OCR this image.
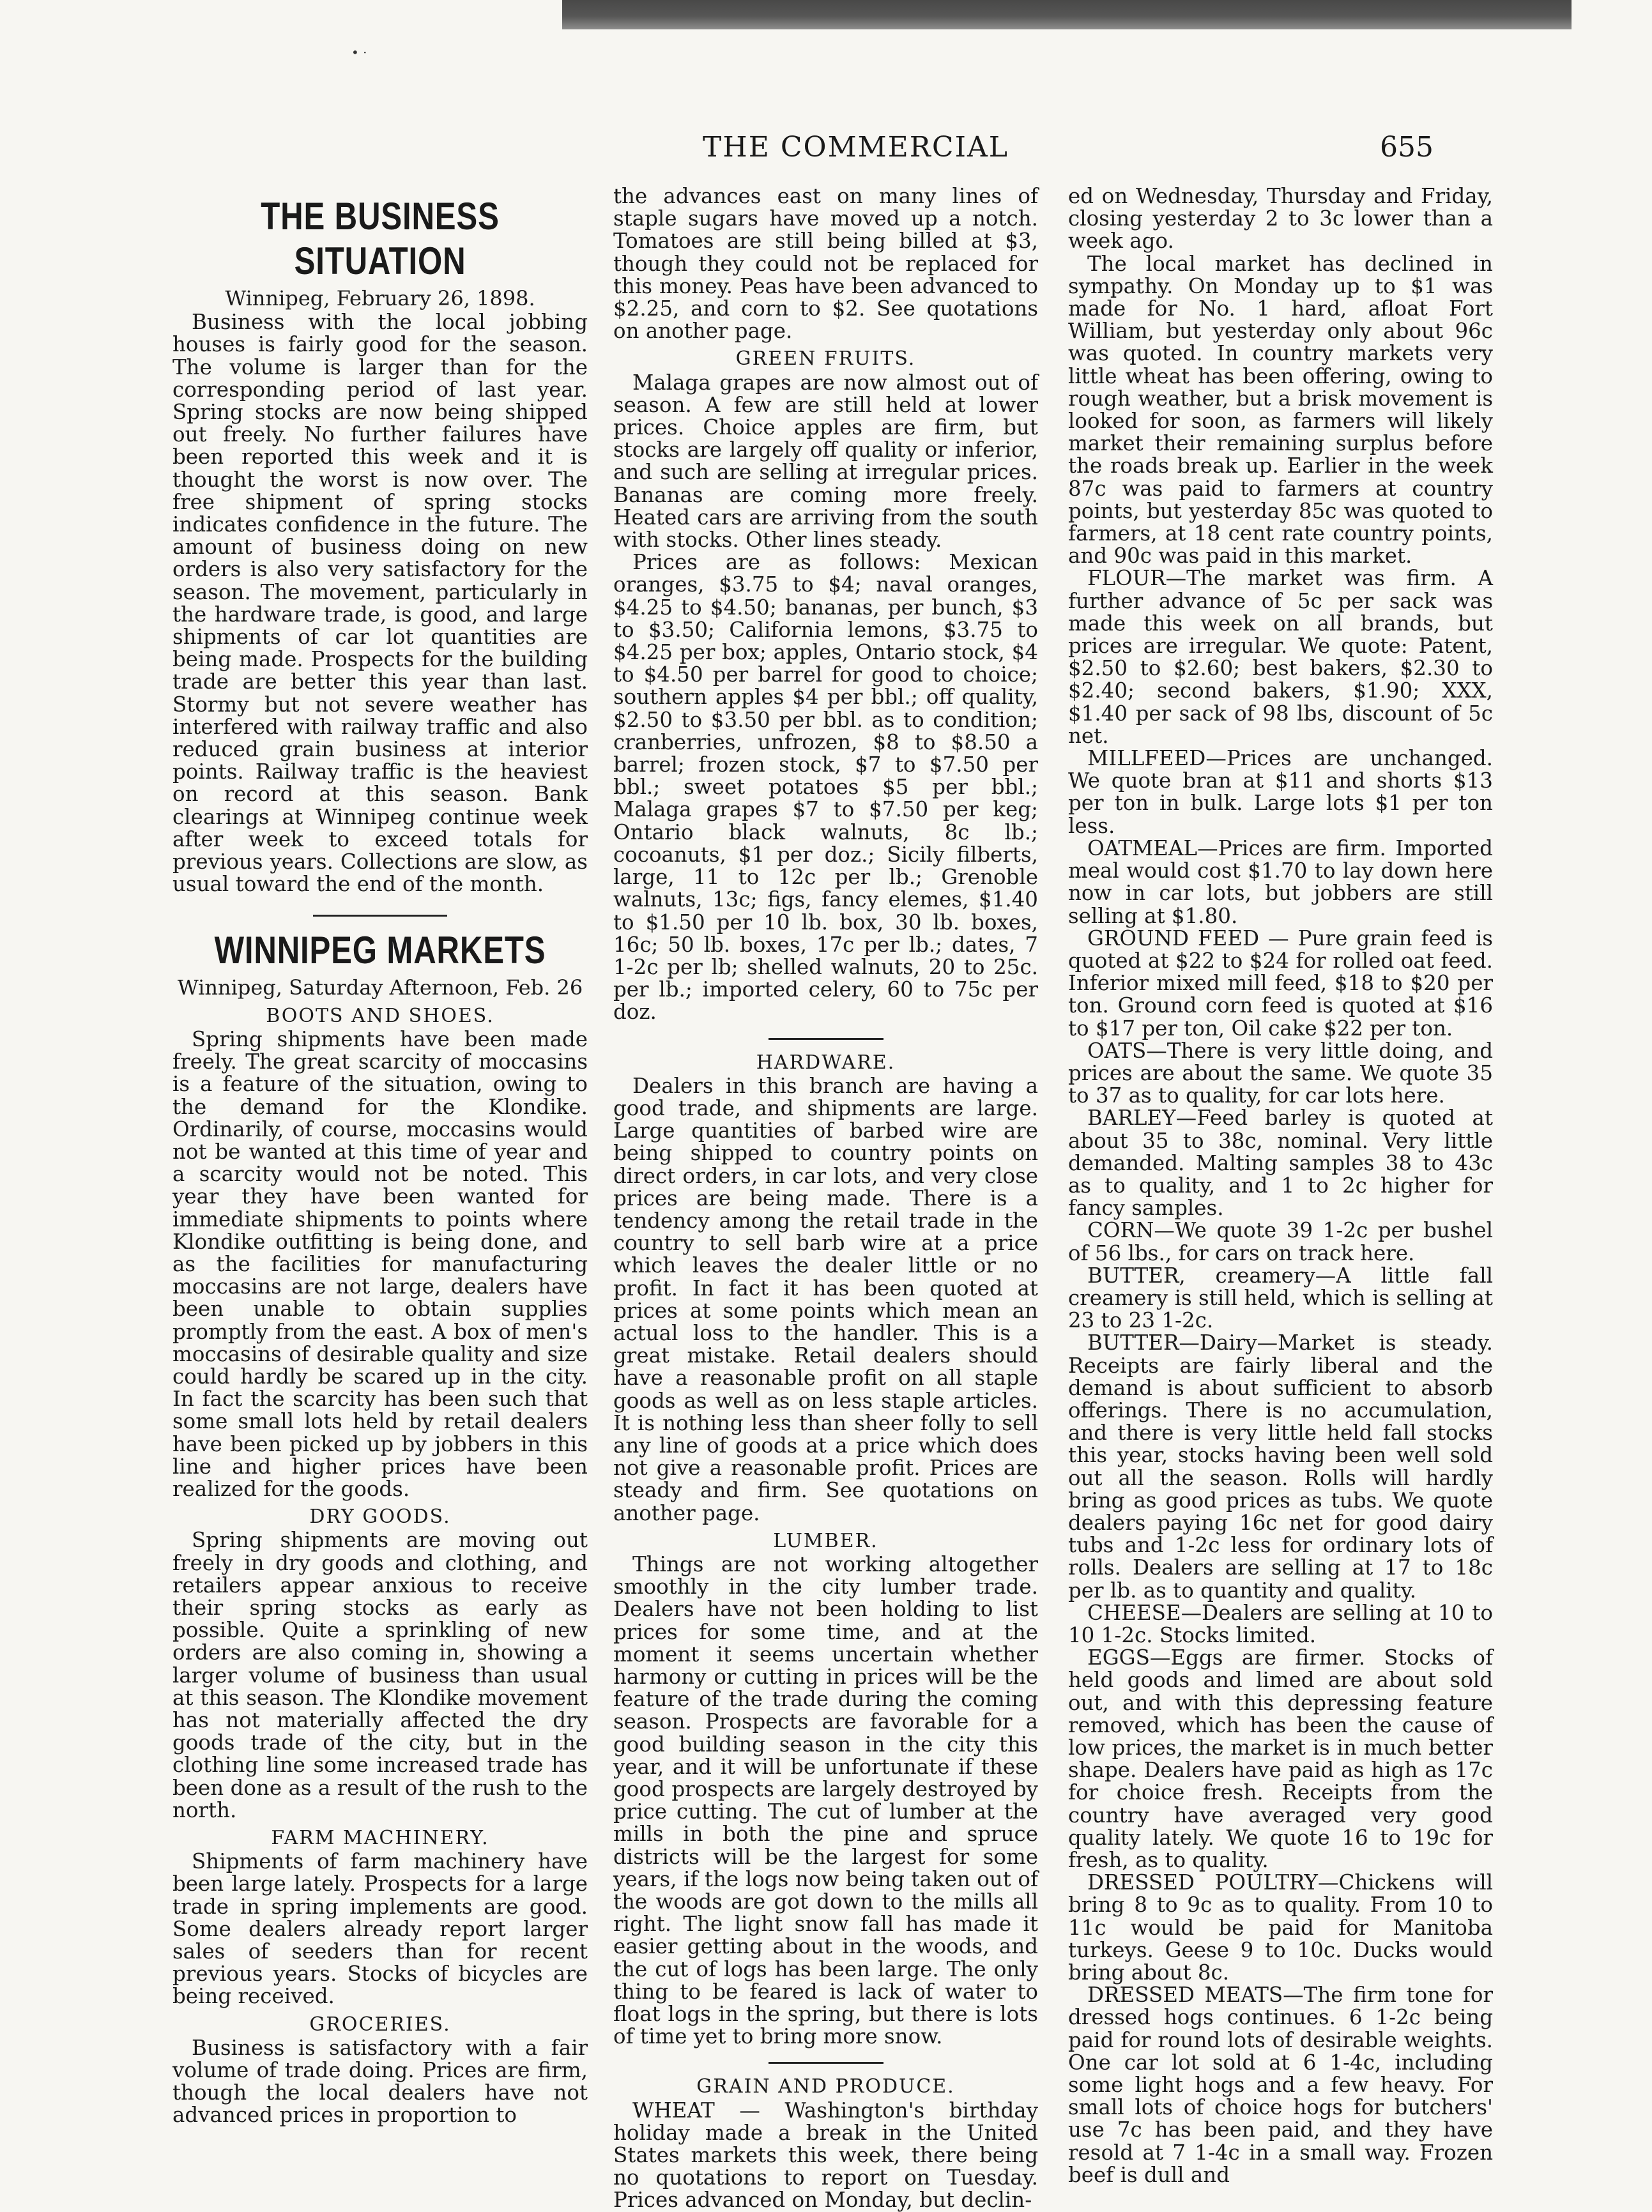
• ·
THE COMMERCIAL	655
THE BUSINESS SITUATION
Winnipeg, February 26, 1898.

Business with the local jobbing houses is fairly good for the season. The volume is larger than for the corresponding period of last year. Spring stocks are now being shipped out freely. No further failures have been reported this week and it is thought the worst is now over. The free shipment of spring stocks indicates confidence in the future. The amount of business doing on new orders is also very satisfactory for the season. The movement, particularly in the hardware trade, is good, and large shipments of car lot quantities are being made. Prospects for the building trade are better this year than last. Stormy but not severe weather has interfered with railway traffic and also reduced grain business at interior points. Railway traffic is the heaviest on record at this season. Bank clearings at Winnipeg continue week after week to exceed totals for previous years. Collections are slow, as usual toward the end of the month.

WINNIPEG MARKETS
Winnipeg, Saturday Afternoon, Feb. 26
BOOTS AND SHOES.

Spring shipments have been made freely. The great scarcity of moccasins is a feature of the situation, owing to the demand for the Klondike. Ordinarily, of course, moccasins would not be wanted at this time of year and a scarcity would not be noted. This year they have been wanted for immediate shipments to points where Klondike outfitting is being done, and as the facilities for manufacturing moccasins are not large, dealers have been unable to obtain supplies promptly from the east. A box of men's moccasins of desirable quality and size could hardly be scared up in the city. In fact the scarcity has been such that some small lots held by retail dealers have been picked up by jobbers in this line and higher prices have been realized for the goods.

DRY GOODS.

Spring shipments are moving out freely in dry goods and clothing, and retailers appear anxious to receive their spring stocks as early as possible. Quite a sprinkling of new orders are also coming in, showing a larger volume of business than usual at this season. The Klondike movement has not materially affected the dry goods trade of the city, but in the clothing line some increased trade has been done as a result of the rush to the north.

FARM MACHINERY.

Shipments of farm machinery have been large lately. Prospects for a large trade in spring implements are good. Some dealers already report larger sales of seeders than for recent previous years. Stocks of bicycles are being received.

GROCERIES.

Business is satisfactory with a fair volume of trade doing. Prices are firm, though the local dealers have not advanced prices in proportion to

the advances east on many lines of staple sugars have moved up a notch. Tomatoes are still being billed at $3, though they could not be replaced for this money. Peas have been advanced to $2.25, and corn to $2. See quotations on another page.

GREEN FRUITS.

Malaga grapes are now almost out of season. A few are still held at lower prices. Choice apples are firm, but stocks are largely off quality or inferior, and such are selling at irregular prices. Bananas are coming more freely. Heated cars are arriving from the south with stocks. Other lines steady.

Prices are as follows: Mexican oranges, $3.75 to $4; naval oranges, $4.25 to $4.50; bananas, per bunch, $3 to $3.50; California lemons, $3.75 to $4.25 per box; apples, Ontario stock, $4 to $4.50 per barrel for good to choice; southern apples $4 per bbl.; off quality, $2.50 to $3.50 per bbl. as to condition; cranberries, unfrozen, $8 to $8.50 a barrel; frozen stock, $7 to $7.50 per bbl.; sweet potatoes $5 per bbl.; Malaga grapes $7 to $7.50 per keg; Ontario black walnuts, 8c lb.; cocoanuts, $1 per doz.; Sicily filberts, large, 11 to 12c per lb.; Grenoble walnuts, 13c; figs, fancy elemes, $1.40 to $1.50 per 10 lb. box, 30 lb. boxes, 16c; 50 lb. boxes, 17c per lb.; dates, 7 1-2c per lb; shelled walnuts, 20 to 25c. per lb.; imported celery, 60 to 75c per doz.

HARDWARE.

Dealers in this branch are having a good trade, and shipments are large. Large quantities of barbed wire are being shipped to country points on direct orders, in car lots, and very close prices are being made. There is a tendency among the retail trade in the country to sell barb wire at a price which leaves the dealer little or no profit. In fact it has been quoted at prices at some points which mean an actual loss to the handler. This is a great mistake. Retail dealers should have a reasonable profit on all staple goods as well as on less staple articles. It is nothing less than sheer folly to sell any line of goods at a price which does not give a reasonable profit. Prices are steady and firm. See quotations on another page.

LUMBER.

Things are not working altogether smoothly in the city lumber trade. Dealers have not been holding to list prices for some time, and at the moment it seems uncertain whether harmony or cutting in prices will be the feature of the trade during the coming season. Prospects are favorable for a good building season in the city this year, and it will be unfortunate if these good prospects are largely destroyed by price cutting. The cut of lumber at the mills in both the pine and spruce districts will be the largest for some years, if the logs now being taken out of the woods are got down to the mills all right. The light snow fall has made it easier getting about in the woods, and the cut of logs has been large. The only thing to be feared is lack of water to float logs in the spring, but there is lots of time yet to bring more snow.

GRAIN AND PRODUCE.

WHEAT — Washington's birthday holiday made a break in the United States markets this week, there being no quotations to report on Tuesday. Prices advanced on Monday, but declin-

ed on Wednesday, Thursday and Friday, closing yesterday 2 to 3c lower than a week ago.

The local market has declined in sympathy. On Monday up to $1 was made for No. 1 hard, afloat Fort William, but yesterday only about 96c was quoted. In country markets very little wheat has been offering, owing to rough weather, but a brisk movement is looked for soon, as farmers will likely market their remaining surplus before the roads break up. Earlier in the week 87c was paid to farmers at country points, but yesterday 85c was quoted to farmers, at 18 cent rate country points, and 90c was paid in this market.

FLOUR—The market was firm. A further advance of 5c per sack was made this week on all brands, but prices are irregular. We quote: Patent, $2.50 to $2.60; best bakers, $2.30 to $2.40; second bakers, $1.90; XXX, $1.40 per sack of 98 lbs, discount of 5c net.

MILLFEED—Prices are unchanged. We quote bran at $11 and shorts $13 per ton in bulk. Large lots $1 per ton less.

OATMEAL—Prices are firm. Imported meal would cost $1.70 to lay down here now in car lots, but jobbers are still selling at $1.80.

GROUND FEED — Pure grain feed is quoted at $22 to $24 for rolled oat feed. Inferior mixed mill feed, $18 to $20 per ton. Ground corn feed is quoted at $16 to $17 per ton, Oil cake $22 per ton.

OATS—There is very little doing, and prices are about the same. We quote 35 to 37 as to quality, for car lots here.

BARLEY—Feed barley is quoted at about 35 to 38c, nominal. Very little demanded. Malting samples 38 to 43c as to quality, and 1 to 2c higher for fancy samples.

CORN—We quote 39 1-2c per bushel of 56 lbs., for cars on track here.

BUTTER, creamery—A little fall creamery is still held, which is selling at 23 to 23 1-2c.

BUTTER—Dairy—Market is steady. Receipts are fairly liberal and the demand is about sufficient to absorb offerings. There is no accumulation, and there is very little held fall stocks this year, stocks having been well sold out all the season. Rolls will hardly bring as good prices as tubs. We quote dealers paying 16c net for good dairy tubs and 1-2c less for ordinary lots of rolls. Dealers are selling at 17 to 18c per lb. as to quantity and quality.

CHEESE—Dealers are selling at 10 to 10 1-2c. Stocks limited.

EGGS—Eggs are firmer. Stocks of held goods and limed are about sold out, and with this depressing feature removed, which has been the cause of low prices, the market is in much better shape. Dealers have paid as high as 17c for choice fresh. Receipts from the country have averaged very good quality lately. We quote 16 to 19c for fresh, as to quality.

DRESSED POULTRY—Chickens will bring 8 to 9c as to quality. From 10 to 11c would be paid for Manitoba turkeys. Geese 9 to 10c. Ducks would bring about 8c.

DRESSED MEATS—The firm tone for dressed hogs continues. 6 1-2c being paid for round lots of desirable weights. One car lot sold at 6 1-4c, including some light hogs and a few heavy. For small lots of choice hogs for butchers' use 7c has been paid, and they have resold at 7 1-4c in a small way. Frozen beef is dull and
